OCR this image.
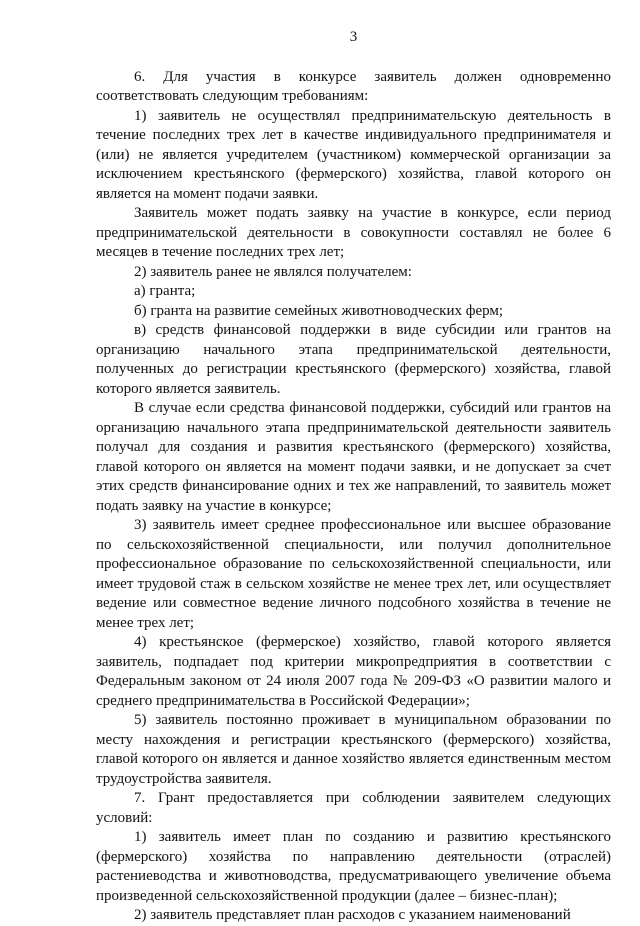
3

6. Для участия в конкурсе заявитель должен одновременно соответствовать следующим требованиям:

1) заявитель не осуществлял предпринимательскую деятельность в течение последних трех лет в качестве индивидуального предпринимателя и (или) не является учредителем (участником) коммерческой организации за исключением крестьянского (фермерского) хозяйства, главой которого он является на момент подачи заявки.

Заявитель может подать заявку на участие в конкурсе, если период предпринимательской деятельности в совокупности составлял не более 6 месяцев в течение последних трех лет;

2) заявитель ранее не являлся получателем:

а) гранта;

б) гранта на развитие семейных животноводческих ферм;

в) средств финансовой поддержки в виде субсидии или грантов на организацию начального этапа предпринимательской деятельности, полученных до регистрации крестьянского (фермерского) хозяйства, главой которого является заявитель.

В случае если средства финансовой поддержки, субсидий или грантов на организацию начального этапа предпринимательской деятельности заявитель получал для создания и развития крестьянского (фермерского) хозяйства, главой которого он является на момент подачи заявки, и не допускает за счет этих средств финансирование одних и тех же направлений, то заявитель может подать заявку на участие в конкурсе;

3) заявитель имеет среднее профессиональное или высшее образование по сельскохозяйственной специальности, или получил дополнительное профессиональное образование по сельскохозяйственной специальности, или имеет трудовой стаж в сельском хозяйстве не менее трех лет, или осуществляет ведение или совместное ведение личного подсобного хозяйства в течение не менее трех лет;

4) крестьянское (фермерское) хозяйство, главой которого является заявитель, подпадает под критерии микропредприятия в соответствии с Федеральным законом от 24 июля 2007 года № 209-ФЗ «О развитии малого и среднего предпринимательства в Российской Федерации»;

5) заявитель постоянно проживает в муниципальном образовании по месту нахождения и регистрации крестьянского (фермерского) хозяйства, главой которого он является и данное хозяйство является единственным местом трудоустройства заявителя.

7. Грант предоставляется при соблюдении заявителем следующих условий:

1) заявитель имеет план по созданию и развитию крестьянского (фермерского) хозяйства по направлению деятельности (отраслей) растениеводства и животноводства, предусматривающего увеличение объема произведенной сельскохозяйственной продукции (далее – бизнес-план);

2) заявитель представляет план расходов с указанием наименований
